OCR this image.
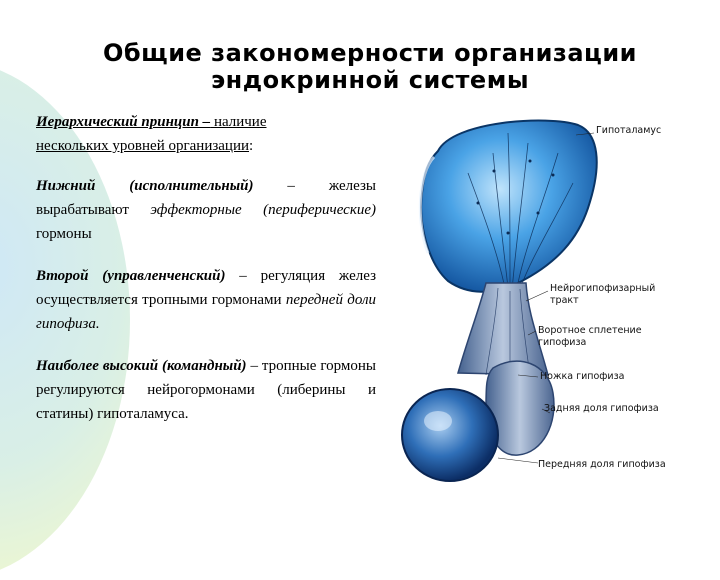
Общие закономерности организации
эндокринной системы

Иерархический принцип – наличие
нескольких уровней организации:

Нижний (исполнительный) – железы вырабатывают эффекторные (периферические) гормоны

Второй (управленченский) – регуляция желез осуществляется тропными гормонами передней доли гипофиза.

Наиболее высокий (командный) – тропные гормоны регулируются нейрогормонами (либерины и статины) гипоталамуса.

Гипоталамус
Нейрогипофизарный
тракт
Воротное сплетение
гипофиза
Ножка гипофиза
Задняя доля гипофиза
Передняя доля гипофиза
